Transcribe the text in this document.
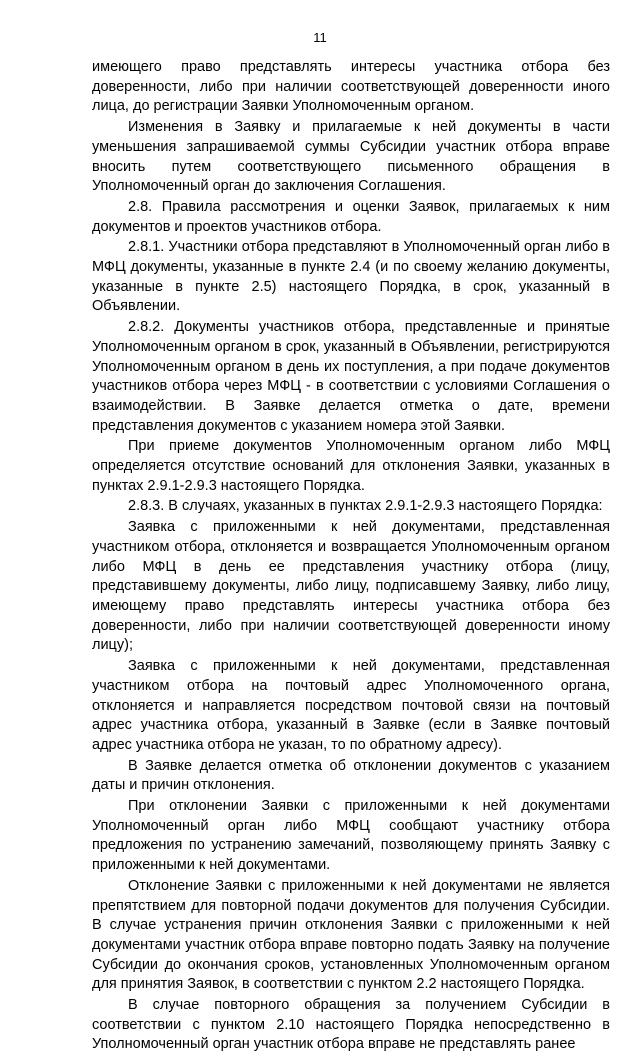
11

имеющего право представлять интересы участника отбора без доверенности, либо при наличии соответствующей доверенности иного лица, до регистрации Заявки Уполномоченным органом.

Изменения в Заявку и прилагаемые к ней документы в части уменьшения запрашиваемой суммы Субсидии участник отбора вправе вносить путем соответствующего письменного обращения в Уполномоченный орган до заключения Соглашения.

2.8. Правила рассмотрения и оценки Заявок, прилагаемых к ним документов и проектов участников отбора.

2.8.1. Участники отбора представляют в Уполномоченный орган либо в МФЦ документы, указанные в пункте 2.4 (и по своему желанию документы, указанные в пункте 2.5) настоящего Порядка, в срок, указанный в Объявлении.

2.8.2. Документы участников отбора, представленные и принятые Уполномоченным органом в срок, указанный в Объявлении, регистрируются Уполномоченным органом в день их поступления, а при подаче документов участников отбора через МФЦ - в соответствии с условиями Соглашения о взаимодействии. В Заявке делается отметка о дате, времени представления документов с указанием номера этой Заявки.

При приеме документов Уполномоченным органом либо МФЦ определяется отсутствие оснований для отклонения Заявки, указанных в пунктах 2.9.1-2.9.3 настоящего Порядка.

2.8.3. В случаях, указанных в пунктах 2.9.1-2.9.3 настоящего Порядка:

Заявка с приложенными к ней документами, представленная участником отбора, отклоняется и возвращается Уполномоченным органом либо МФЦ в день ее представления участнику отбора (лицу, представившему документы, либо лицу, подписавшему Заявку, либо лицу, имеющему право представлять интересы участника отбора без доверенности, либо при наличии соответствующей доверенности иному лицу);

Заявка с приложенными к ней документами, представленная участником отбора на почтовый адрес Уполномоченного органа, отклоняется и направляется посредством почтовой связи на почтовый адрес участника отбора, указанный в Заявке (если в Заявке почтовый адрес участника отбора не указан, то по обратному адресу).

В Заявке делается отметка об отклонении документов с указанием даты и причин отклонения.

При отклонении Заявки с приложенными к ней документами Уполномоченный орган либо МФЦ сообщают участнику отбора предложения по устранению замечаний, позволяющему принять Заявку с приложенными к ней документами.

Отклонение Заявки с приложенными к ней документами не является препятствием для повторной подачи документов для получения Субсидии. В случае устранения причин отклонения Заявки с приложенными к ней документами участник отбора вправе повторно подать Заявку на получение Субсидии до окончания сроков, установленных Уполномоченным органом для принятия Заявок, в соответствии с пунктом 2.2 настоящего Порядка.

В случае повторного обращения за получением Субсидии в соответствии с пунктом 2.10 настоящего Порядка непосредственно в Уполномоченный орган участник отбора вправе не представлять ранее
